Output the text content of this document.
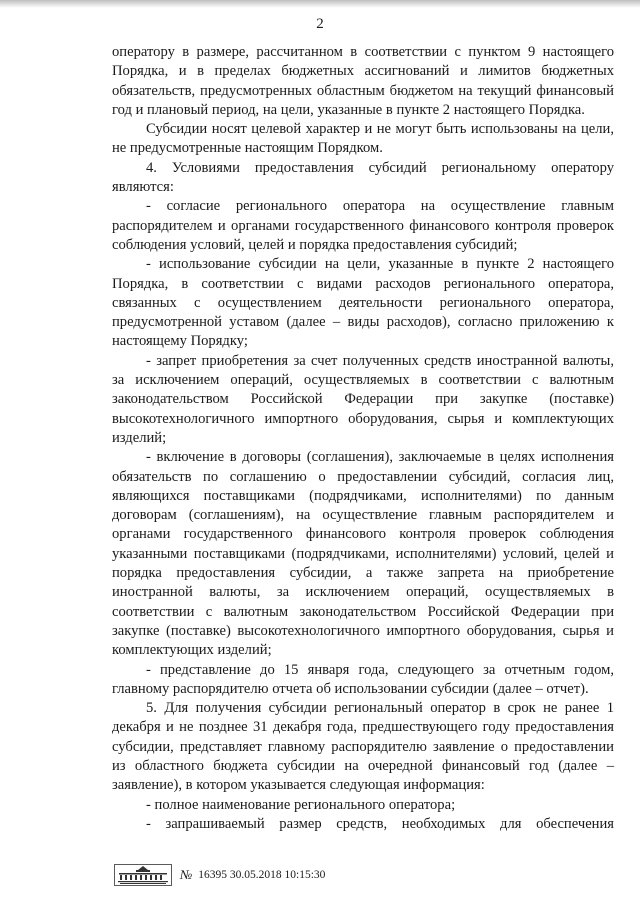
2

оператору в размере, рассчитанном в соответствии с пунктом 9 настоящего Порядка, и в пределах бюджетных ассигнований и лимитов бюджетных обязательств, предусмотренных областным бюджетом на текущий финансовый год и плановый период, на цели, указанные в пункте 2 настоящего Порядка.

Субсидии носят целевой характер и не могут быть использованы на цели, не предусмотренные настоящим Порядком.

4. Условиями предоставления субсидий региональному оператору являются:

- согласие регионального оператора на осуществление главным распорядителем и органами государственного финансового контроля проверок соблюдения условий, целей и порядка предоставления субсидий;

- использование субсидии на цели, указанные в пункте 2 настоящего Порядка, в соответствии с видами расходов регионального оператора, связанных с осуществлением деятельности регионального оператора, предусмотренной уставом (далее – виды расходов), согласно приложению к настоящему Порядку;

- запрет приобретения за счет полученных средств иностранной валюты, за исключением операций, осуществляемых в соответствии с валютным законодательством Российской Федерации при закупке (поставке) высокотехнологичного импортного оборудования, сырья и комплектующих изделий;

- включение в договоры (соглашения), заключаемые в целях исполнения обязательств по соглашению о предоставлении субсидий, согласия лиц, являющихся поставщиками (подрядчиками, исполнителями) по данным договорам (соглашениям), на осуществление главным распорядителем и органами государственного финансового контроля проверок соблюдения указанными поставщиками (подрядчиками, исполнителями) условий, целей и порядка предоставления субсидии, а также запрета на приобретение иностранной валюты, за исключением операций, осуществляемых в соответствии с валютным законодательством Российской Федерации при закупке (поставке) высокотехнологичного импортного оборудования, сырья и комплектующих изделий;

- представление до 15 января года, следующего за отчетным годом, главному распорядителю отчета об использовании субсидии (далее – отчет).

5. Для получения субсидии региональный оператор в срок не ранее 1 декабря и не позднее 31 декабря года, предшествующего году предоставления субсидии, представляет главному распорядителю заявление о предоставлении из областного бюджета субсидии на очередной финансовый год (далее – заявление), в котором указывается следующая информация:

- полное наименование регионального оператора;

- запрашиваемый размер средств, необходимых для обеспечения

№ 16395 30.05.2018 10:15:30
